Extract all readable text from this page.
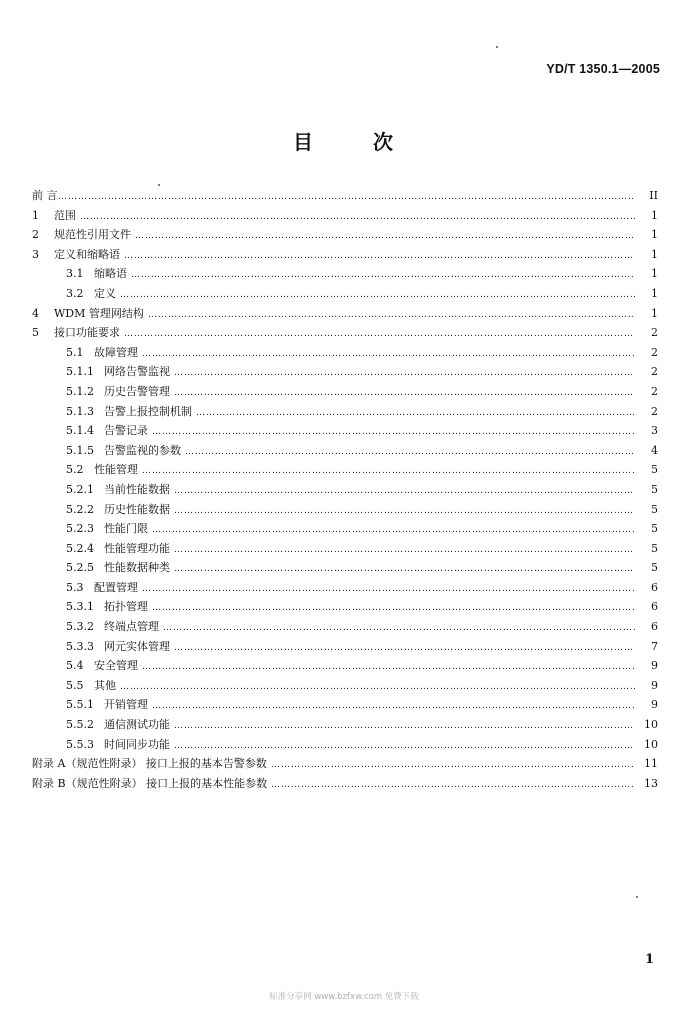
YD/T 1350.1—2005
目次
前 言 ……………………………………………………………………………………………………………………………………………………………………………………………………………………………………………	II
1	范围 ……………………………………………………………………………………………………………………………………………………………………………………………………………………………………………	1
2	规范性引用文件 ……………………………………………………………………………………………………………………………………………………………………………………………………………………………………………	1
3	定义和缩略语 ……………………………………………………………………………………………………………………………………………………………………………………………………………………………………………	1
3.1 缩略语 ……………………………………………………………………………………………………………………………………………………………………………………………………………………………………………	1
3.2 定义 ……………………………………………………………………………………………………………………………………………………………………………………………………………………………………………	1
4	WDM 管理网结构 ……………………………………………………………………………………………………………………………………………………………………………………………………………………………………………	1
5	接口功能要求 ……………………………………………………………………………………………………………………………………………………………………………………………………………………………………………	2
5.1 故障管理 ……………………………………………………………………………………………………………………………………………………………………………………………………………………………………………	2
5.1.1 网络告警监视 ……………………………………………………………………………………………………………………………………………………………………………………………………………………………………………	2
5.1.2 历史告警管理 ……………………………………………………………………………………………………………………………………………………………………………………………………………………………………………	2
5.1.3 告警上报控制机制 ……………………………………………………………………………………………………………………………………………………………………………………………………………………………………………	2
5.1.4 告警记录 ……………………………………………………………………………………………………………………………………………………………………………………………………………………………………………	3
5.1.5 告警监视的参数 ……………………………………………………………………………………………………………………………………………………………………………………………………………………………………………	4
5.2 性能管理 ……………………………………………………………………………………………………………………………………………………………………………………………………………………………………………	5
5.2.1 当前性能数据 ……………………………………………………………………………………………………………………………………………………………………………………………………………………………………………	5
5.2.2 历史性能数据 ……………………………………………………………………………………………………………………………………………………………………………………………………………………………………………	5
5.2.3 性能门限 ……………………………………………………………………………………………………………………………………………………………………………………………………………………………………………	5
5.2.4 性能管理功能 ……………………………………………………………………………………………………………………………………………………………………………………………………………………………………………	5
5.2.5 性能数据种类 ……………………………………………………………………………………………………………………………………………………………………………………………………………………………………………	5
5.3 配置管理 ……………………………………………………………………………………………………………………………………………………………………………………………………………………………………………	6
5.3.1 拓扑管理 ……………………………………………………………………………………………………………………………………………………………………………………………………………………………………………	6
5.3.2 终端点管理 ……………………………………………………………………………………………………………………………………………………………………………………………………………………………………………	6
5.3.3 网元实体管理 ……………………………………………………………………………………………………………………………………………………………………………………………………………………………………………	7
5.4 安全管理 ……………………………………………………………………………………………………………………………………………………………………………………………………………………………………………	9
5.5 其他 ……………………………………………………………………………………………………………………………………………………………………………………………………………………………………………	9
5.5.1 开销管理 ……………………………………………………………………………………………………………………………………………………………………………………………………………………………………………	9
5.5.2 通信测试功能 ……………………………………………………………………………………………………………………………………………………………………………………………………………………………………………	10
5.5.3 时间同步功能 ……………………………………………………………………………………………………………………………………………………………………………………………………………………………………………	10
附录 A（规范性附录） 接口上报的基本告警参数 ……………………………………………………………………………………………………………………………………………………………………………………………………………………………………………	11
附录 B（规范性附录） 接口上报的基本性能参数 ……………………………………………………………………………………………………………………………………………………………………………………………………………………………………………	13
1
标准分享网 www.bzfxw.com 免费下载
